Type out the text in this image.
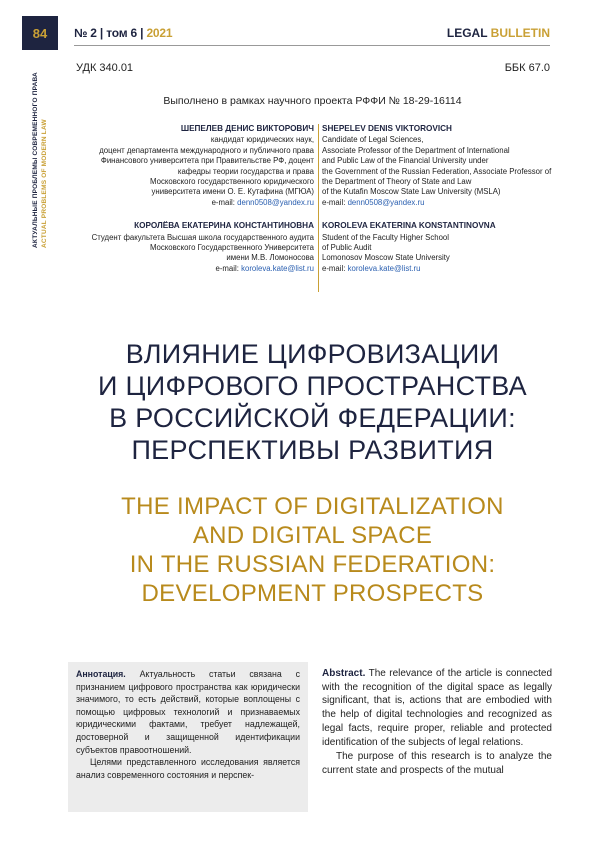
84 № 2 | том 6 | 2021	LEGAL BULLETIN
АКТУАЛЬНЫЕ ПРОБЛЕМЫ СОВРЕМЕННОГО ПРАВА ACTUAL PROBLEMS OF MODERN LAW
УДК 340.01	ББК 67.0
Выполнено в рамках научного проекта РФФИ № 18-29-16114
ШЕПЕЛЕВ ДЕНИС ВИКТОРОВИЧ
кандидат юридических наук,
доцент департамента международного и публичного права
Финансового университета при Правительстве РФ, доцент
кафедры теории государства и права
Московского государственного юридического
университета имени О. Е. Кутафина (МГЮА)
e-mail: denn0508@yandex.ru
КОРОЛЁВА ЕКАТЕРИНА КОНСТАНТИНОВНА
Студент факультета Высшая школа государственного аудита
Московского Государственного Университета
имени М.В. Ломоносова
e-mail: koroleva.kate@list.ru
SHEPELEV DENIS VIKTOROVICH
Candidate of Legal Sciences,
Associate Professor of the Department of International
and Public Law of the Financial University under
the Government of the Russian Federation, Associate Professor of
the Department of Theory of State and Law
of the Kutafin Moscow State Law University (MSLA)
e-mail: denn0508@yandex.ru
KOROLEVA EKATERINA KONSTANTINOVNA
Student of the Faculty Higher School
of Public Audit
Lomonosov Moscow State University
e-mail: koroleva.kate@list.ru
ВЛИЯНИЕ ЦИФРОВИЗАЦИИ
И ЦИФРОВОГО ПРОСТРАНСТВА
В РОССИЙСКОЙ ФЕДЕРАЦИИ:
ПЕРСПЕКТИВЫ РАЗВИТИЯ
THE IMPACT OF DIGITALIZATION
AND DIGITAL SPACE
IN THE RUSSIAN FEDERATION:
DEVELOPMENT PROSPECTS

Аннотация. Актуальность статьи связана с признанием цифрового пространства как юридически значимого, то есть действий, которые воплощены с помощью цифровых технологий и признаваемых юридическими фактами, требует надлежащей, достоверной и защищенной идентификации субъектов правоотношений.

Целями представленного исследования является анализ современного состояния и перспек-

Abstract. The relevance of the article is connected with the recognition of the digital space as legally significant, that is, actions that are embodied with the help of digital technologies and recognized as legal facts, require proper, reliable and protected identification of the subjects of legal relations.

The purpose of this research is to analyze the current state and prospects of the mutual
